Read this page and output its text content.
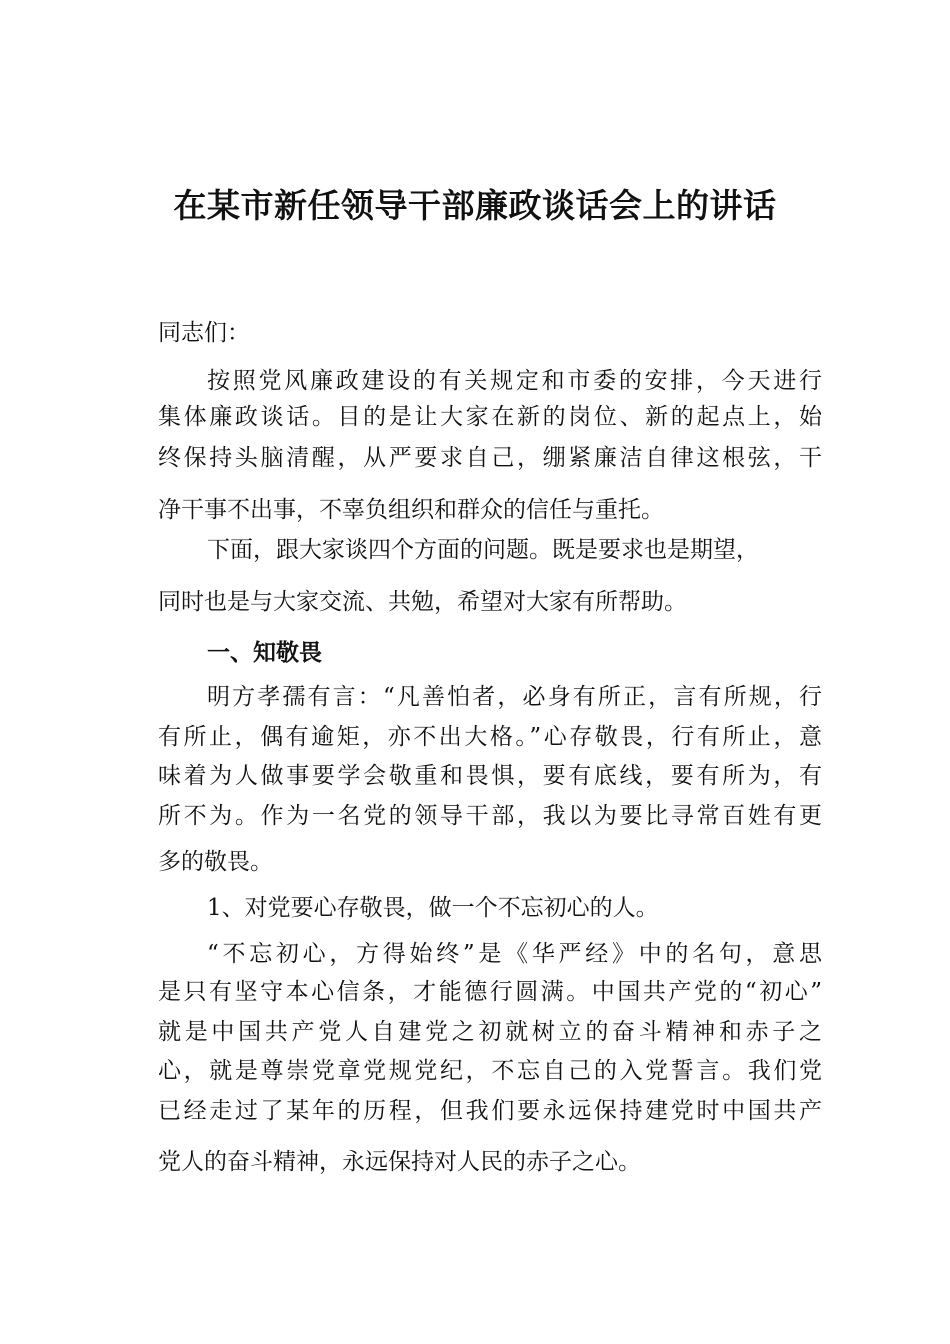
在某市新任领导干部廉政谈话会上的讲话
同志们：
按照党风廉政建设的有关规定和市委的安排，今天进行
集体廉政谈话。目的是让大家在新的岗位、新的起点上，始
终保持头脑清醒，从严要求自己，绷紧廉洁自律这根弦，干
净干事不出事，不辜负组织和群众的信任与重托。
下面，跟大家谈四个方面的问题。既是要求也是期望，
同时也是与大家交流、共勉，希望对大家有所帮助。
一、知敬畏
明方孝孺有言：“凡善怕者，必身有所正，言有所规，行
有所止，偶有逾矩，亦不出大格。”心存敬畏，行有所止，意
味着为人做事要学会敬重和畏惧，要有底线，要有所为，有
所不为。作为一名党的领导干部，我以为要比寻常百姓有更
多的敬畏。
1、对党要心存敬畏，做一个不忘初心的人。
“不忘初心，方得始终”是《华严经》中的名句，意思
是只有坚守本心信条，才能德行圆满。中国共产党的“初心”
就是中国共产党人自建党之初就树立的奋斗精神和赤子之
心，就是尊崇党章党规党纪，不忘自己的入党誓言。我们党
已经走过了某年的历程，但我们要永远保持建党时中国共产
党人的奋斗精神，永远保持对人民的赤子之心。
